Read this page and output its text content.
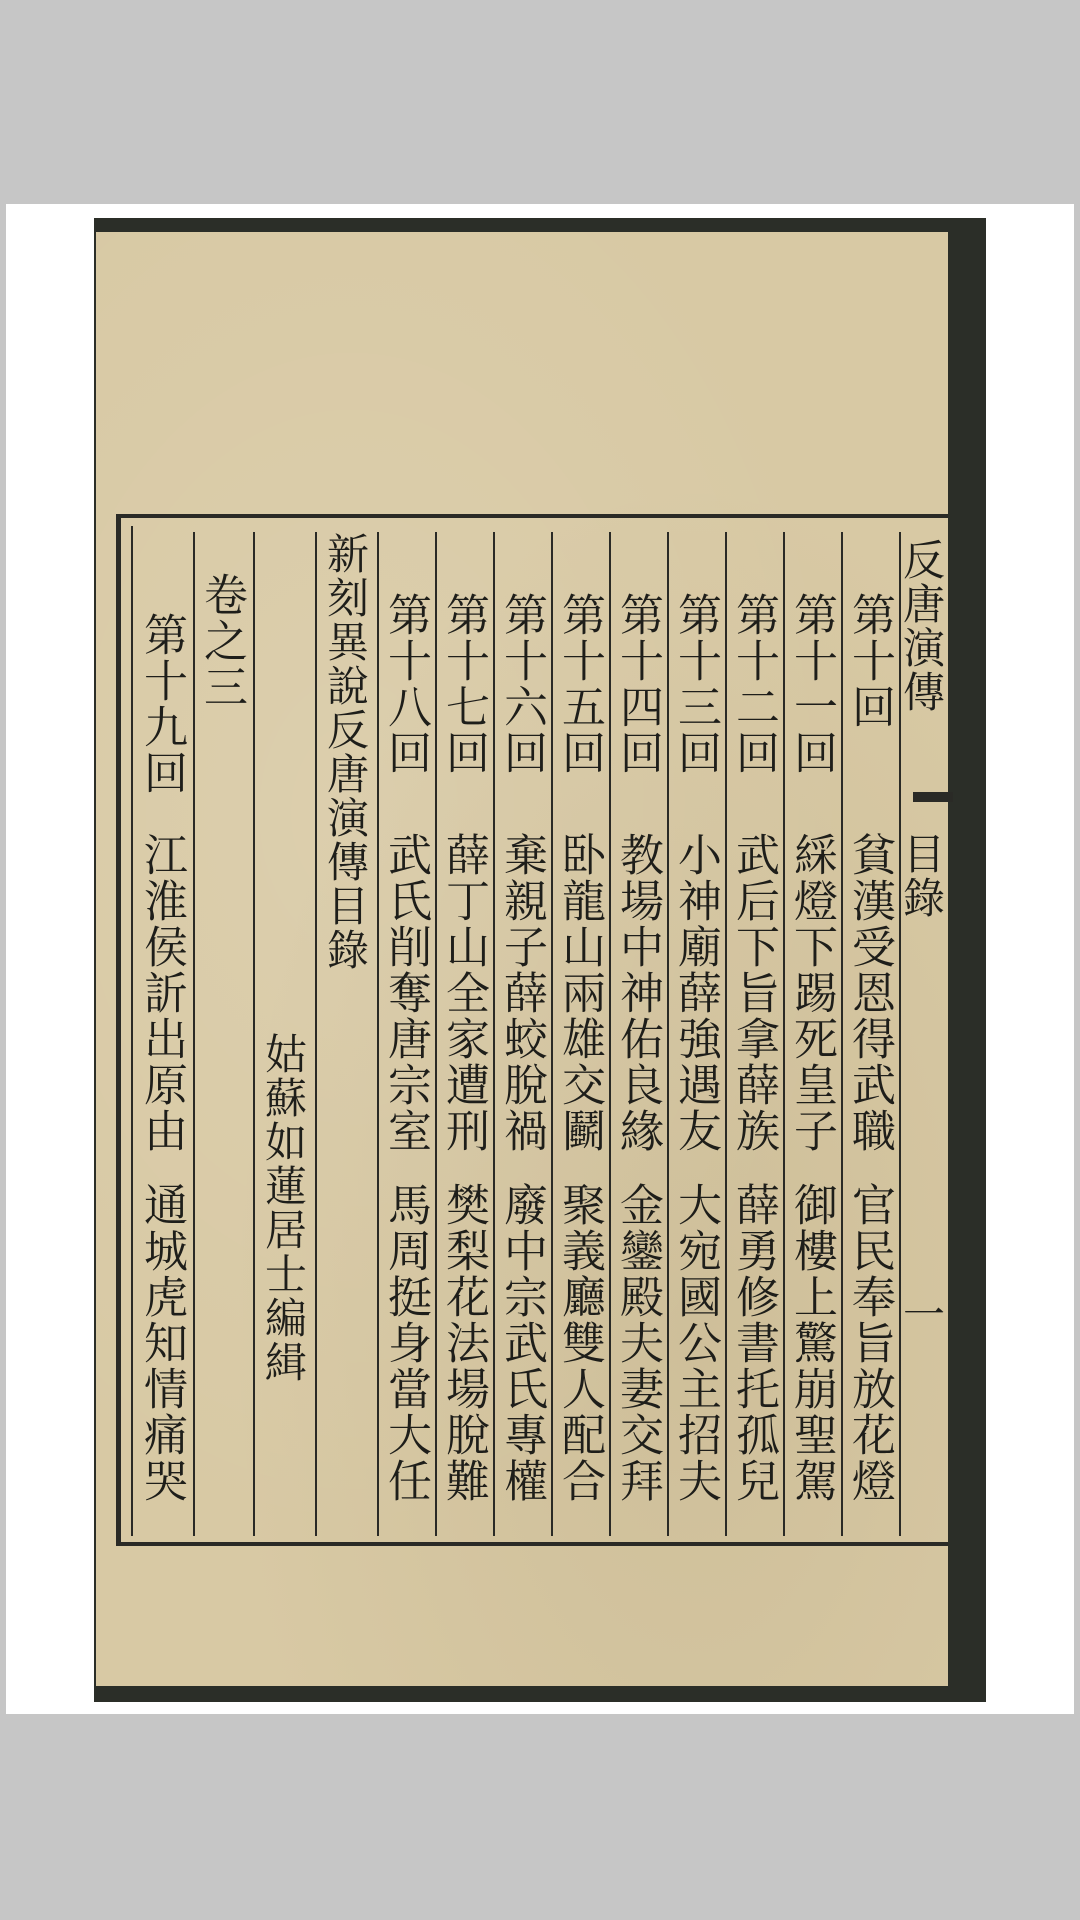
反唐演傳
目錄
一
第十回
貧漢受恩得武職
官民奉旨放花燈
第十一回
綵燈下踢死皇子
御樓上驚崩聖駕
第十二回
武后下旨拿薛族
薛勇修書托孤兒
第十三回
小神廟薛強遇友
大宛國公主招夫
第十四回
教場中神佑良緣
金鑾殿夫妻交拜
第十五回
卧龍山兩雄交鬬
聚義廳雙人配合
第十六回
棄親子薛蛟脫禍
廢中宗武氏專權
第十七回
薛丁山全家遭刑
樊梨花法場脫難
第十八回
武氏削奪唐宗室
馬周挺身當大任
新刻異說反唐演傳目錄
姑蘇如蓮居士編緝
卷之三
第十九回
江淮侯訢出原由
通城虎知情痛哭
